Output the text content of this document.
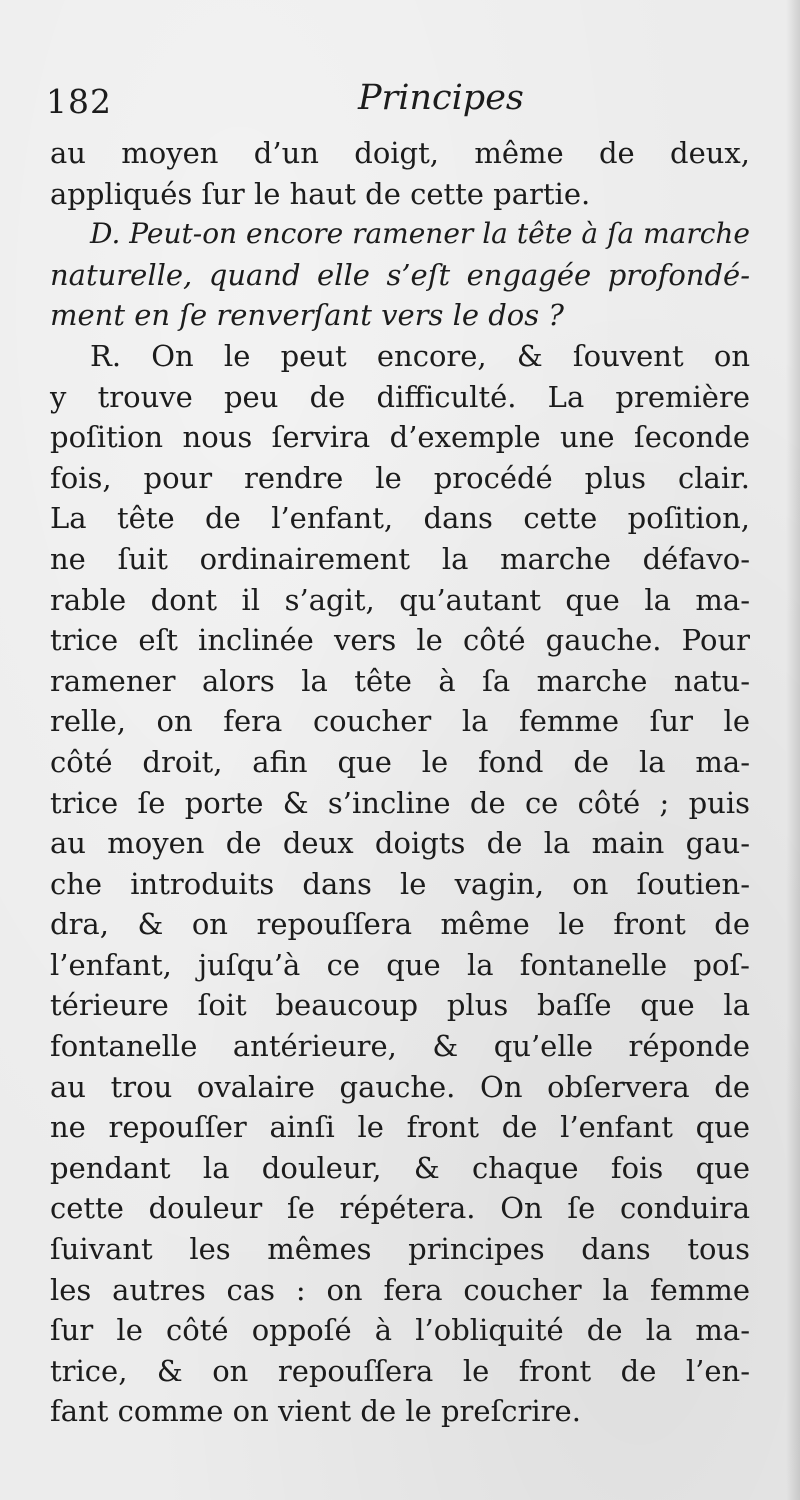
182	Principes
au moyen d’un doigt, même de deux,
appliqués ſur le haut de cette partie.
D. Peut-on encore ramener la tête à ſa marche
naturelle, quand elle s’eſt engagée profondé-
ment en ſe renverſant vers le dos ?
R. On le peut encore, & ſouvent on
y trouve peu de difficulté. La première
poſition nous ſervira d’exemple une ſeconde
fois, pour rendre le procédé plus clair.
La tête de l’enfant, dans cette poſition,
ne ſuit ordinairement la marche défavo-
rable dont il s’agit, qu’autant que la ma-
trice eſt inclinée vers le côté gauche. Pour
ramener alors la tête à ſa marche natu-
relle, on fera coucher la femme ſur le
côté droit, afin que le fond de la ma-
trice ſe porte & s’incline de ce côté ; puis
au moyen de deux doigts de la main gau-
che introduits dans le vagin, on ſoutien-
dra, & on repouſſera même le front de
l’enfant, juſqu’à ce que la fontanelle poſ-
térieure ſoit beaucoup plus baſſe que la
fontanelle antérieure, & qu’elle réponde
au trou ovalaire gauche. On obſervera de
ne repouſſer ainſi le front de l’enfant que
pendant la douleur, & chaque fois que
cette douleur ſe répétera. On ſe conduira
ſuivant les mêmes principes dans tous
les autres cas : on fera coucher la femme
ſur le côté oppoſé à l’obliquité de la ma-
trice, & on repouſſera le front de l’en-
fant comme on vient de le preſcrire.
